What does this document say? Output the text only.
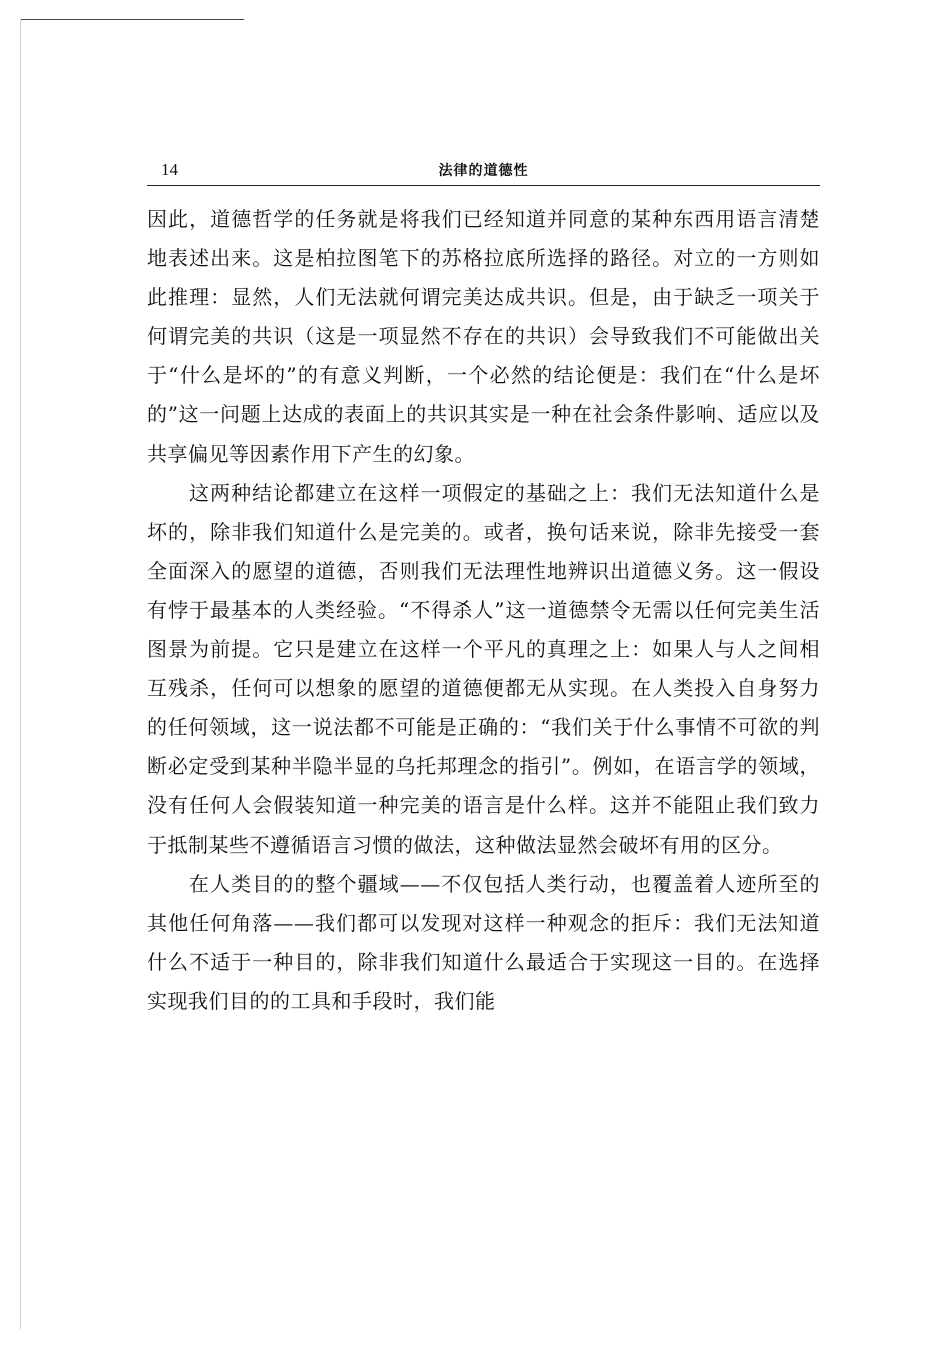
14	法律的道德性

因此，道德哲学的任务就是将我们已经知道并同意的某种东西用语言清楚地表述出来。这是柏拉图笔下的苏格拉底所选择的路径。对立的一方则如此推理：显然，人们无法就何谓完美达成共识。但是，由于缺乏一项关于何谓完美的共识（这是一项显然不存在的共识）会导致我们不可能做出关于“什么是坏的”的有意义判断，一个必然的结论便是：我们在“什么是坏的”这一问题上达成的表面上的共识其实是一种在社会条件影响、适应以及共享偏见等因素作用下产生的幻象。

这两种结论都建立在这样一项假定的基础之上：我们无法知道什么是坏的，除非我们知道什么是完美的。或者，换句话来说，除非先接受一套全面深入的愿望的道德，否则我们无法理性地辨识出道德义务。这一假设有悖于最基本的人类经验。“不得杀人”这一道德禁令无需以任何完美生活图景为前提。它只是建立在这样一个平凡的真理之上：如果人与人之间相互残杀，任何可以想象的愿望的道德便都无从实现。在人类投入自身努力的任何领域，这一说法都不可能是正确的：“我们关于什么事情不可欲的判断必定受到某种半隐半显的乌托邦理念的指引”。例如，在语言学的领域，没有任何人会假装知道一种完美的语言是什么样。这并不能阻止我们致力于抵制某些不遵循语言习惯的做法，这种做法显然会破坏有用的区分。

在人类目的的整个疆域——不仅包括人类行动，也覆盖着人迹所至的其他任何角落——我们都可以发现对这样一种观念的拒斥：我们无法知道什么不适于一种目的，除非我们知道什么最适合于实现这一目的。在选择实现我们目的的工具和手段时，我们能
